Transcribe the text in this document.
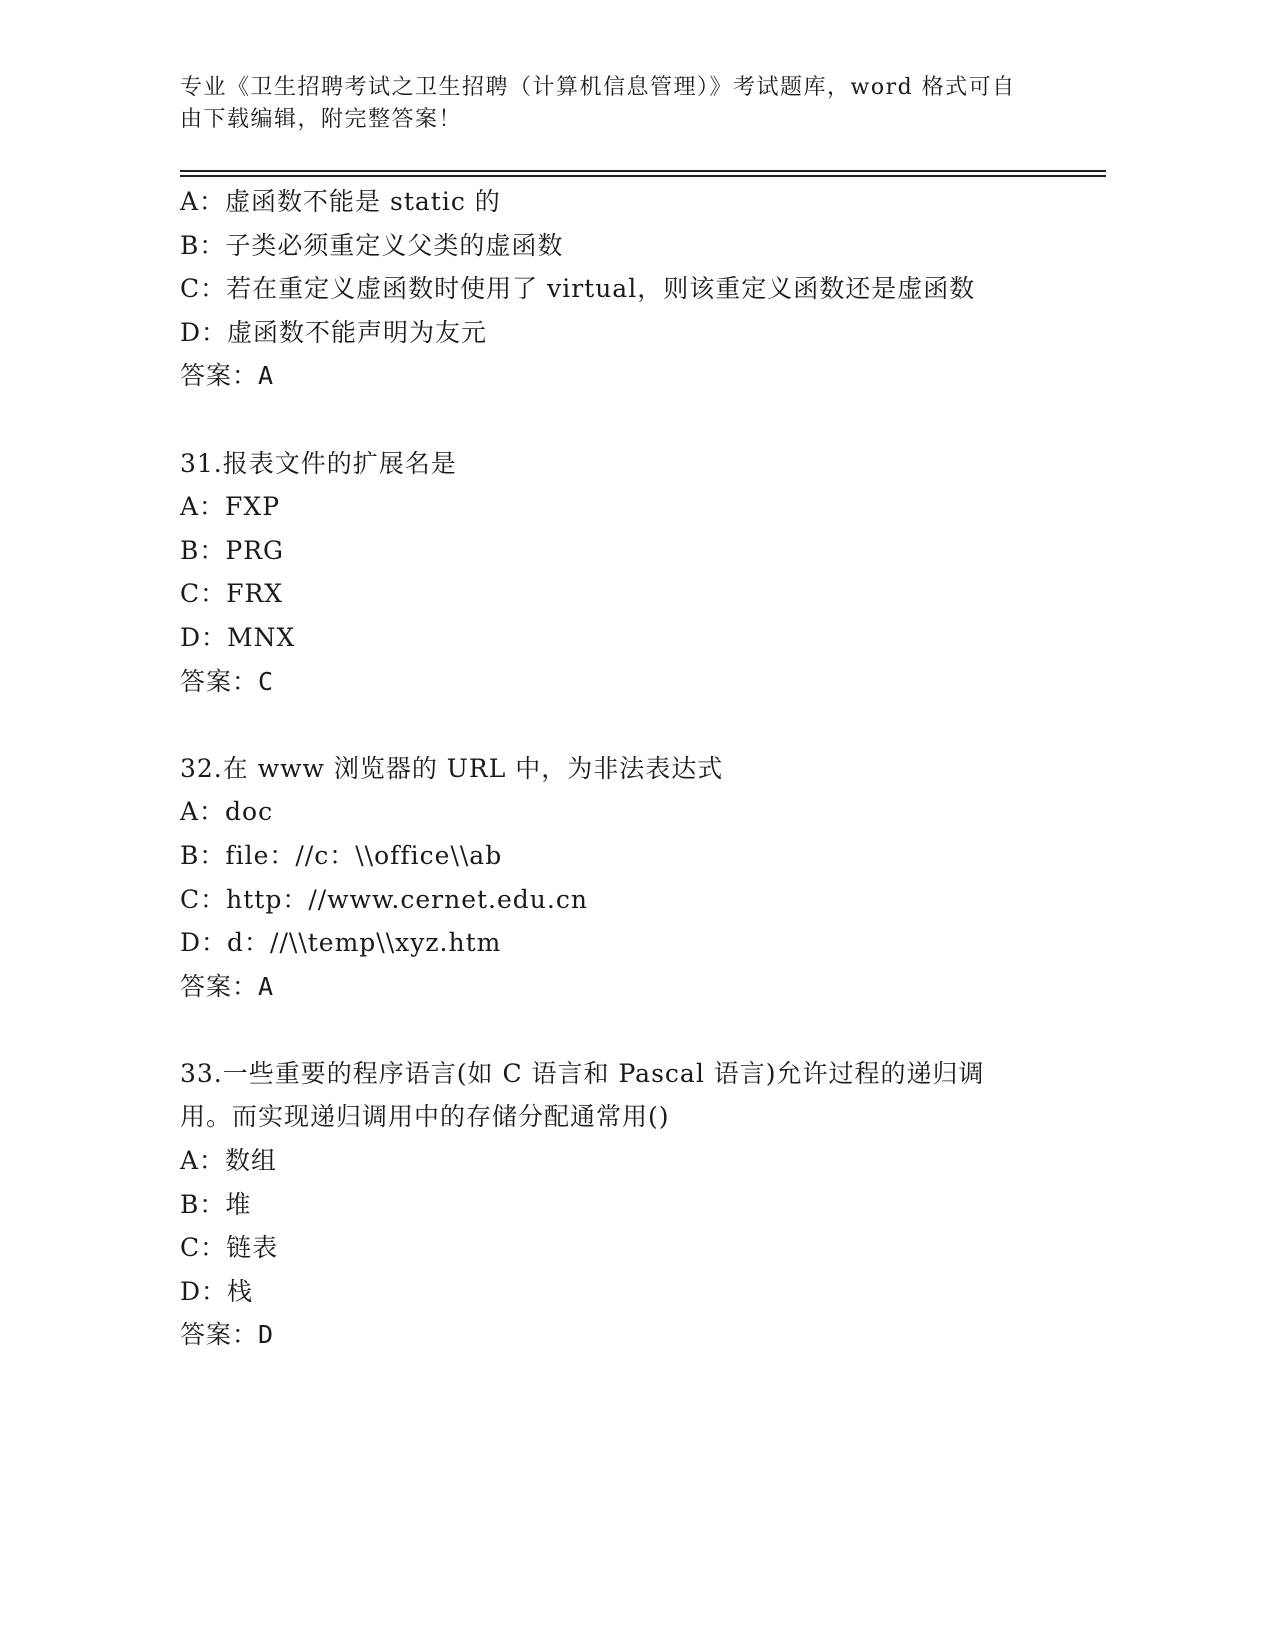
专业《卫生招聘考试之卫生招聘（计算机信息管理）》考试题库，word 格式可自
由下载编辑，附完整答案！
A：虚函数不能是 static 的
B：子类必须重定义父类的虚函数
C：若在重定义虚函数时使用了 virtual，则该重定义函数还是虚函数
D：虚函数不能声明为友元
答案：A
31.报表文件的扩展名是
A：FXP
B：PRG
C：FRX
D：MNX
答案：C
32.在 www 浏览器的 URL 中，为非法表达式
A：doc
B：file：//c：\\office\\ab
C：http：//www.cernet.edu.cn
D：d：//\\temp\\xyz.htm
答案：A
33.一些重要的程序语言(如 C 语言和 Pascal 语言)允许过程的递归调
用。而实现递归调用中的存储分配通常用()
A：数组
B：堆
C：链表
D：栈
答案：D
